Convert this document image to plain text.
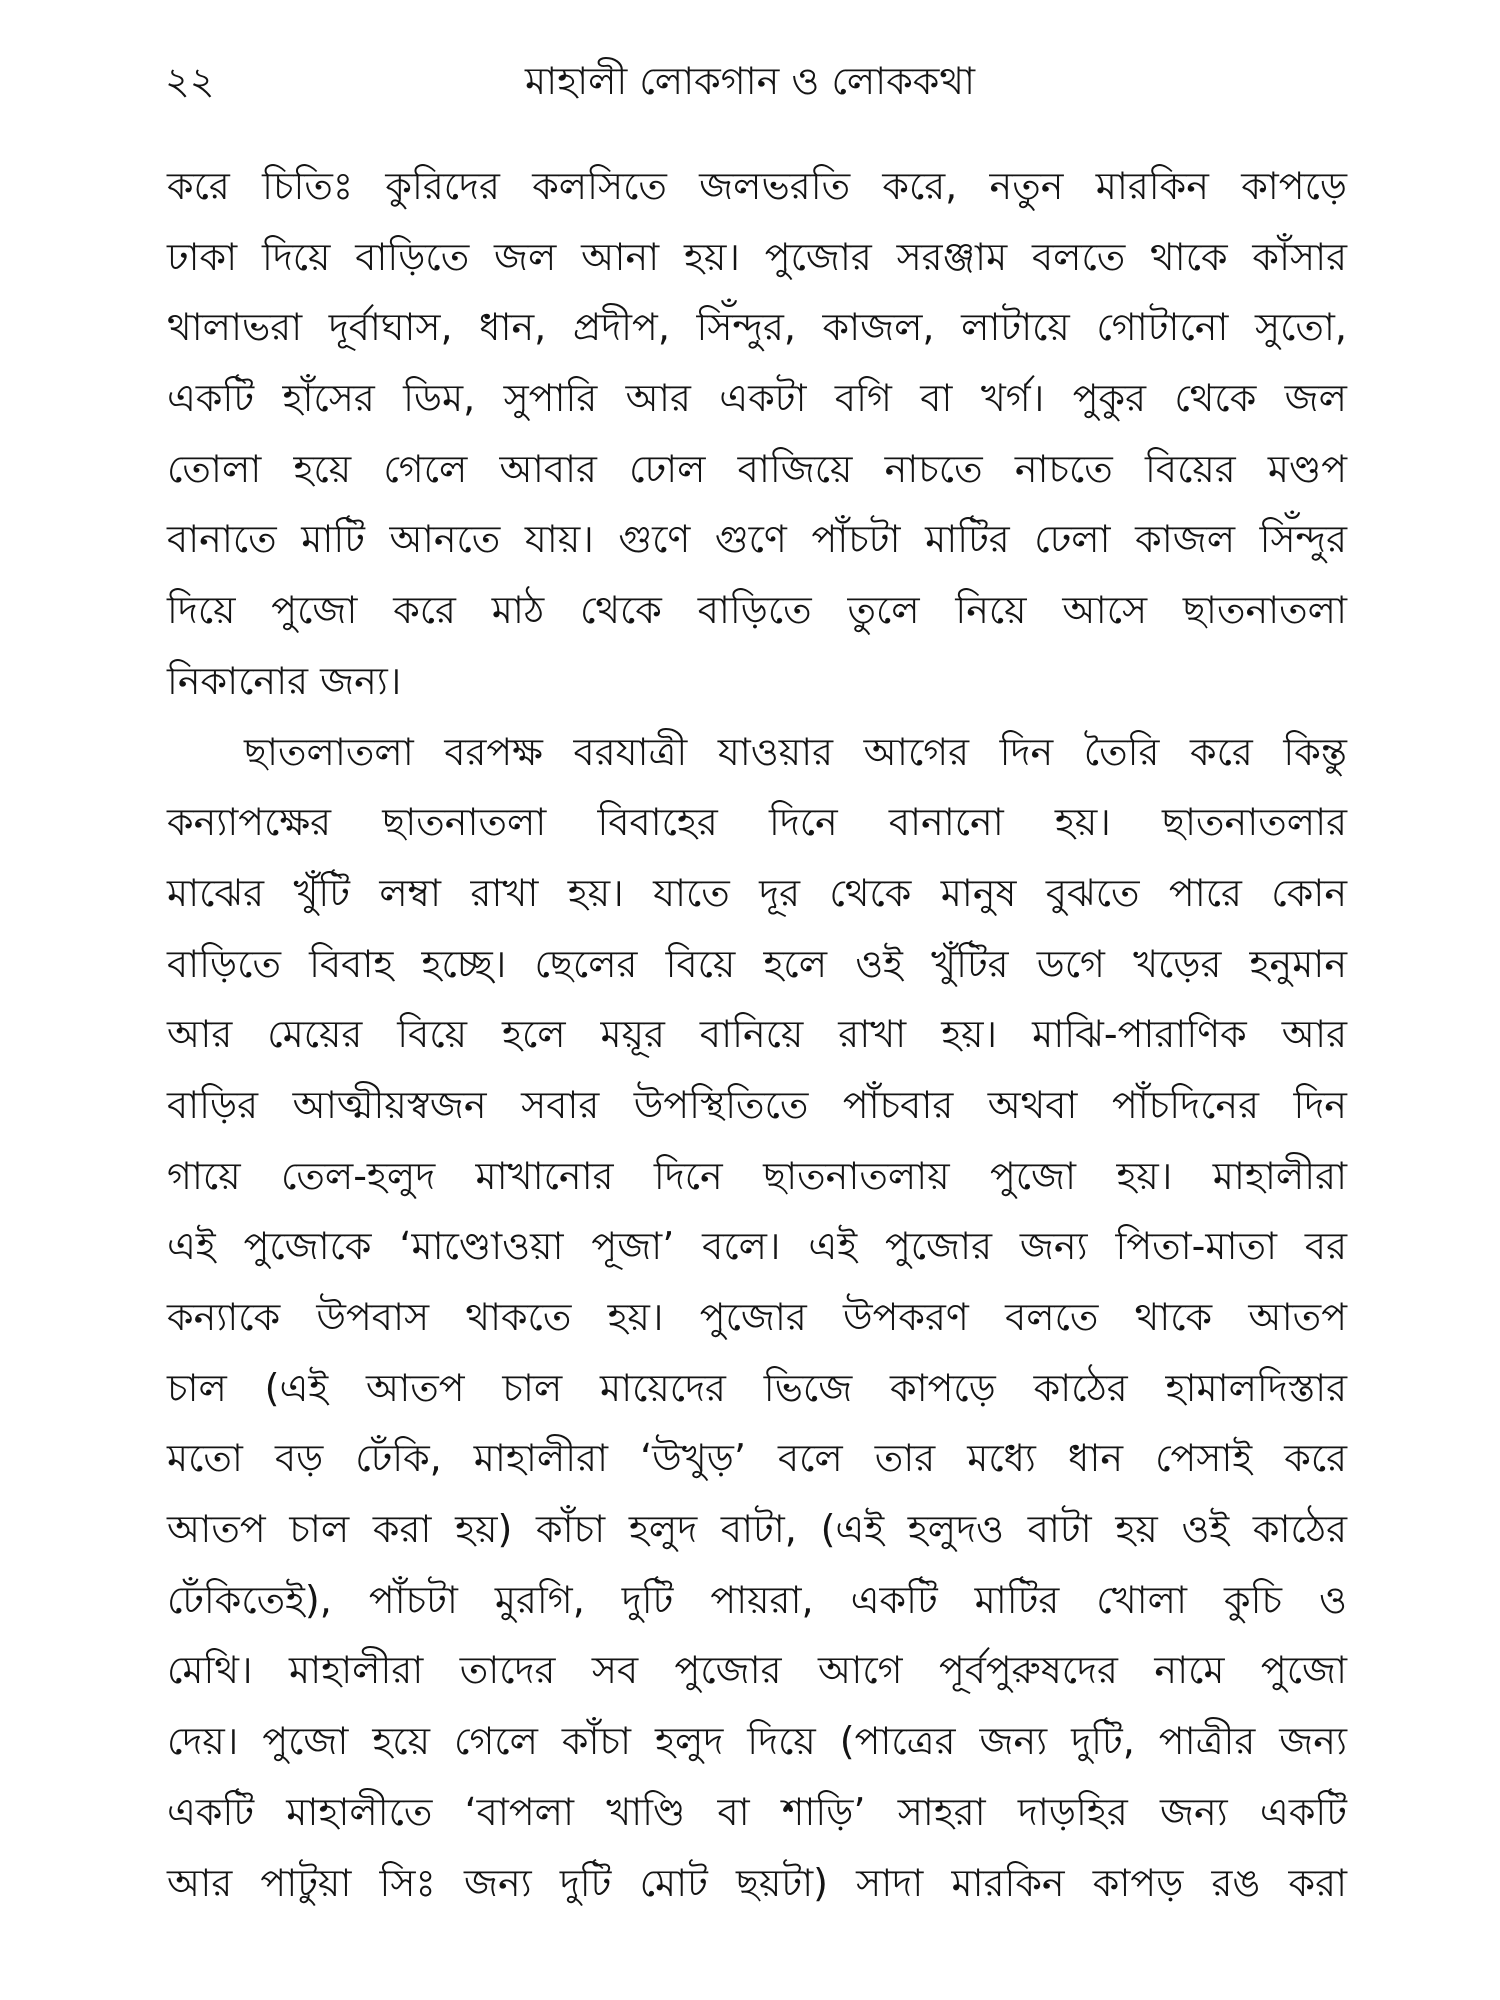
২২	মাহালী লোকগান ও লোককথা
করে চিতিঃ কুরিদের কলসিতে জলভরতি করে, নতুন মারকিন কাপড়ে
ঢাকা দিয়ে বাড়িতে জল আনা হয়। পুজোর সরঞ্জাম বলতে থাকে কাঁসার
থালাভরা দূর্বাঘাস, ধান, প্রদীপ, সিঁন্দুর, কাজল, লাটায়ে গোটানো সুতো,
একটি হাঁসের ডিম, সুপারি আর একটা বগি বা খর্গ। পুকুর থেকে জল
তোলা হয়ে গেলে আবার ঢোল বাজিয়ে নাচতে নাচতে বিয়ের মণ্ডপ
বানাতে মাটি আনতে যায়। গুণে গুণে পাঁচটা মাটির ঢেলা কাজল সিঁন্দুর
দিয়ে পুজো করে মাঠ থেকে বাড়িতে তুলে নিয়ে আসে ছাতনাতলা
নিকানোর জন্য।
ছাতলাতলা বরপক্ষ বরযাত্রী যাওয়ার আগের দিন তৈরি করে কিন্তু
কন্যাপক্ষের ছাতনাতলা বিবাহের দিনে বানানো হয়। ছাতনাতলার
মাঝের খুঁটি লম্বা রাখা হয়। যাতে দূর থেকে মানুষ বুঝতে পারে কোন
বাড়িতে বিবাহ হচ্ছে। ছেলের বিয়ে হলে ওই খুঁটির ডগে খড়ের হনুমান
আর মেয়ের বিয়ে হলে ময়ূর বানিয়ে রাখা হয়। মাঝি-পারাণিক আর
বাড়ির আত্মীয়স্বজন সবার উপস্থিতিতে পাঁচবার অথবা পাঁচদিনের দিন
গায়ে তেল-হলুদ মাখানোর দিনে ছাতনাতলায় পুজো হয়। মাহালীরা
এই পুজোকে ‘মাণ্ডোওয়া পূজা’ বলে। এই পুজোর জন্য পিতা-মাতা বর
কন্যাকে উপবাস থাকতে হয়। পুজোর উপকরণ বলতে থাকে আতপ
চাল (এই আতপ চাল মায়েদের ভিজে কাপড়ে কাঠের হামালদিস্তার
মতো বড় ঢেঁকি, মাহালীরা ‘উখুড়’ বলে তার মধ্যে ধান পেসাই করে
আতপ চাল করা হয়) কাঁচা হলুদ বাটা, (এই হলুদও বাটা হয় ওই কাঠের
ঢেঁকিতেই), পাঁচটা মুরগি, দুটি পায়রা, একটি মাটির খোলা কুচি ও
মেথি। মাহালীরা তাদের সব পুজোর আগে পূর্বপুরুষদের নামে পুজো
দেয়। পুজো হয়ে গেলে কাঁচা হলুদ দিয়ে (পাত্রের জন্য দুটি, পাত্রীর জন্য
একটি মাহালীতে ‘বাপলা খাণ্ডি বা শাড়ি’ সাহরা দাড়হির জন্য একটি
আর পাটুয়া সিঃ জন্য দুটি মোট ছয়টা) সাদা মারকিন কাপড় রঙ করা
